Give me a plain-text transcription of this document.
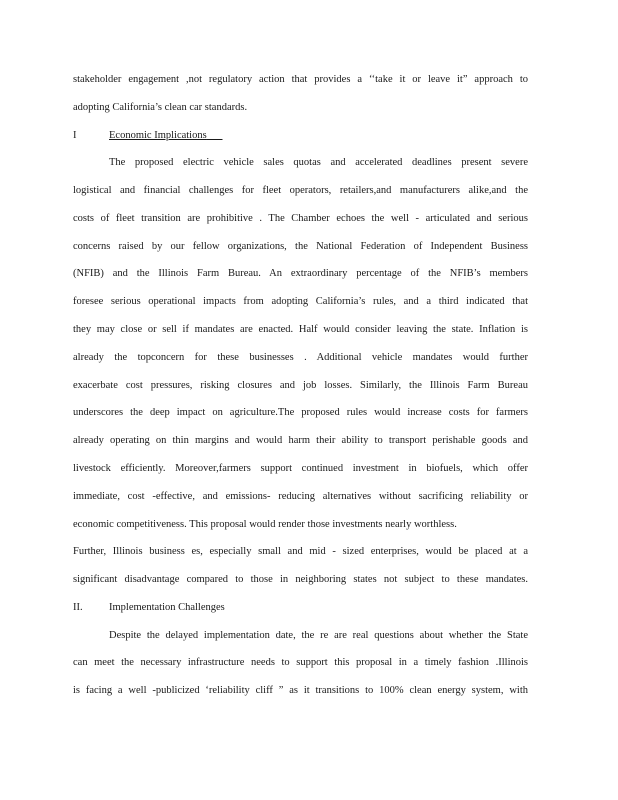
stakeholder engagement ,not regulatory action that provides a ‘‘take it or leave it” approach to
adopting California’s clean car standards.
I	Economic Implications
The proposed electric vehicle sales quotas and accelerated deadlines present severe
logistical and financial challenges for fleet operators, retailers,and manufacturers alike,and the
costs of fleet transition are prohibitive . The Chamber echoes the well - articulated and serious
concerns raised by our fellow organizations, the National Federation of Independent Business
(NFIB) and the Illinois Farm Bureau. An extraordinary percentage of the NFIB’s members
foresee serious operational impacts from adopting California’s rules, and a third indicated that
they may close or sell if mandates are enacted. Half would consider leaving the state. Inflation is
already the topconcern for these businesses . Additional vehicle mandates would further
exacerbate cost pressures, risking closures and job losses. Similarly, the Illinois Farm Bureau
underscores the deep impact on agriculture.The proposed rules would increase costs for farmers
already operating on thin margins and would harm their ability to transport perishable goods and
livestock efficiently. Moreover,farmers support continued investment in biofuels, which offer
immediate, cost -effective, and emissions- reducing alternatives without sacrificing reliability or
economic competitiveness. This proposal would render those investments nearly worthless.
Further, Illinois business es, especially small and mid - sized enterprises, would be placed at a
significant disadvantage compared to those in neighboring states not subject to these mandates.
II.	Implementation Challenges
Despite the delayed implementation date, the re are real questions about whether the State
can meet the necessary infrastructure needs to support this proposal in a timely fashion .Illinois
is facing a well -publicized ‘reliability cliff ” as it transitions to 100% clean energy system, with
